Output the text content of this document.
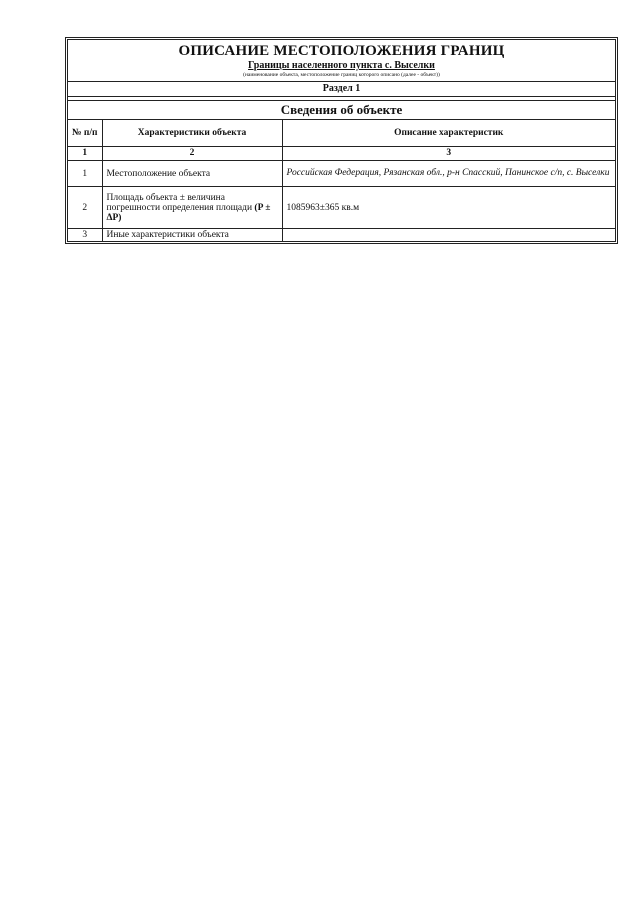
ОПИСАНИЕ МЕСТОПОЛОЖЕНИЯ ГРАНИЦ
Границы населенного пункта с. Выселки
(наименование объекта, местоположение границ которого описано (далее - объект))
Раздел 1
Сведения об объекте
№ п/п	Характеристики объекта	Описание характеристик
1	2	3
1	Местоположение объекта	Российская Федерация, Рязанская обл., р-н Спасский, Панинское с/п, с. Выселки

2	Площадь объекта ± величина погрешности определения площади (P ± ΔP)	1085963±365 кв.м
3	Иные характеристики объекта	
